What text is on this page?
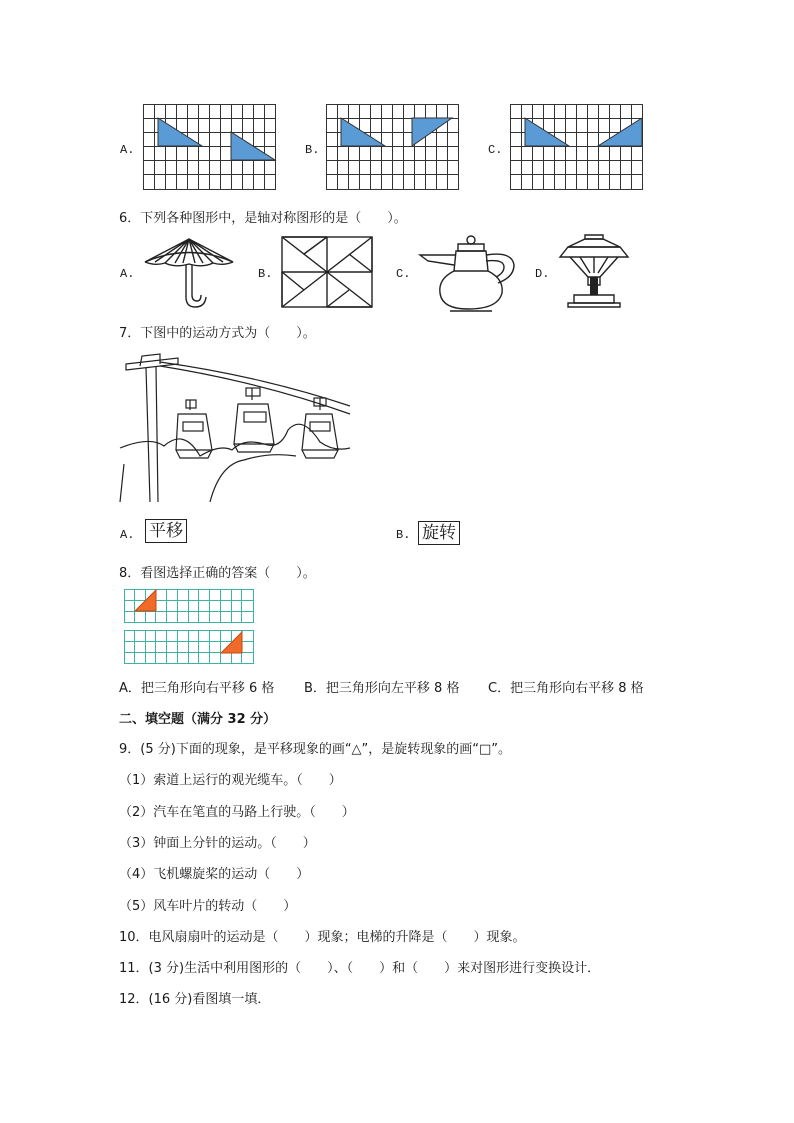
A.	B.	C.
6．下列各种图形中，是轴对称图形的是（　　）。
A.	B.	C.	D.
7．下图中的运动方式为（　　）。
A. 平移	B. 旋转
8．看图选择正确的答案（　　）。
A．把三角形向右平移 6 格 B．把三角形向左平移 8 格 C．把三角形向右平移 8 格
二、填空题（满分 32 分）
9．(5 分)下面的现象，是平移现象的画“△”，是旋转现象的画“□”。
（1）索道上运行的观光缆车。（　　）
（2）汽车在笔直的马路上行驶。（　　）
（3）钟面上分针的运动。（　　）
（4）飞机螺旋桨的运动（　　）
（5）风车叶片的转动（　　）
10．电风扇扇叶的运动是（　　）现象；电梯的升降是（　　）现象。
11．(3 分)生活中利用图形的（　　）、（　　）和（　　）来对图形进行变换设计．
12．(16 分)看图填一填．
